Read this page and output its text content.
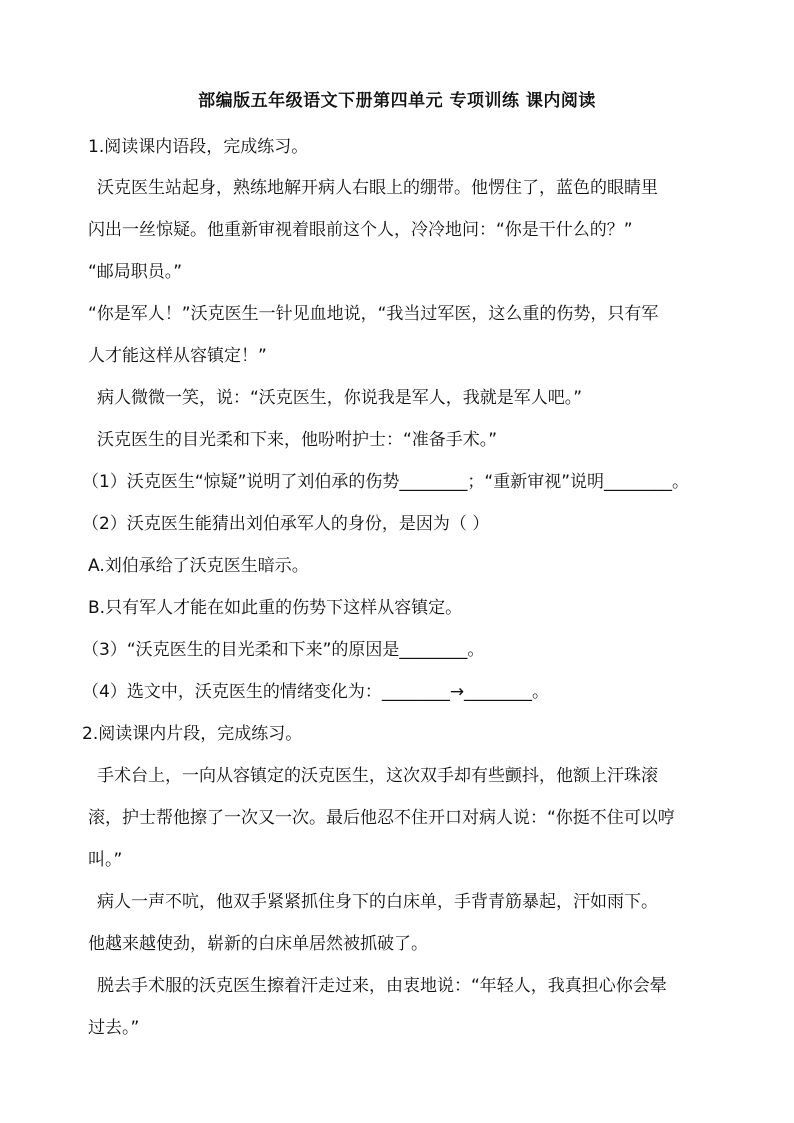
部编版五年级语文下册第四单元 专项训练 课内阅读
1.阅读课内语段，完成练习。
沃克医生站起身，熟练地解开病人右眼上的绷带。他愣住了，蓝色的眼睛里
闪出一丝惊疑。他重新审视着眼前这个人，冷冷地问：“你是干什么的？”
“邮局职员。”
“你是军人！”沃克医生一针见血地说，“我当过军医，这么重的伤势，只有军
人才能这样从容镇定！”
病人微微一笑，说：“沃克医生，你说我是军人，我就是军人吧。”
沃克医生的目光柔和下来，他吩咐护士：“准备手术。”
（1）沃克医生“惊疑”说明了刘伯承的伤势________；“重新审视”说明________。
（2）沃克医生能猜出刘伯承军人的身份，是因为（ ）
A.刘伯承给了沃克医生暗示。
B.只有军人才能在如此重的伤势下这样从容镇定。
（3）“沃克医生的目光柔和下来”的原因是________。
（4）选文中，沃克医生的情绪变化为：________→________。
2.阅读课内片段，完成练习。
手术台上，一向从容镇定的沃克医生，这次双手却有些颤抖，他额上汗珠滚
滚，护士帮他擦了一次又一次。最后他忍不住开口对病人说：“你挺不住可以哼
叫。”
病人一声不吭，他双手紧紧抓住身下的白床单，手背青筋暴起，汗如雨下。
他越来越使劲，崭新的白床单居然被抓破了。
脱去手术服的沃克医生擦着汗走过来，由衷地说：“年轻人，我真担心你会晕
过去。”
